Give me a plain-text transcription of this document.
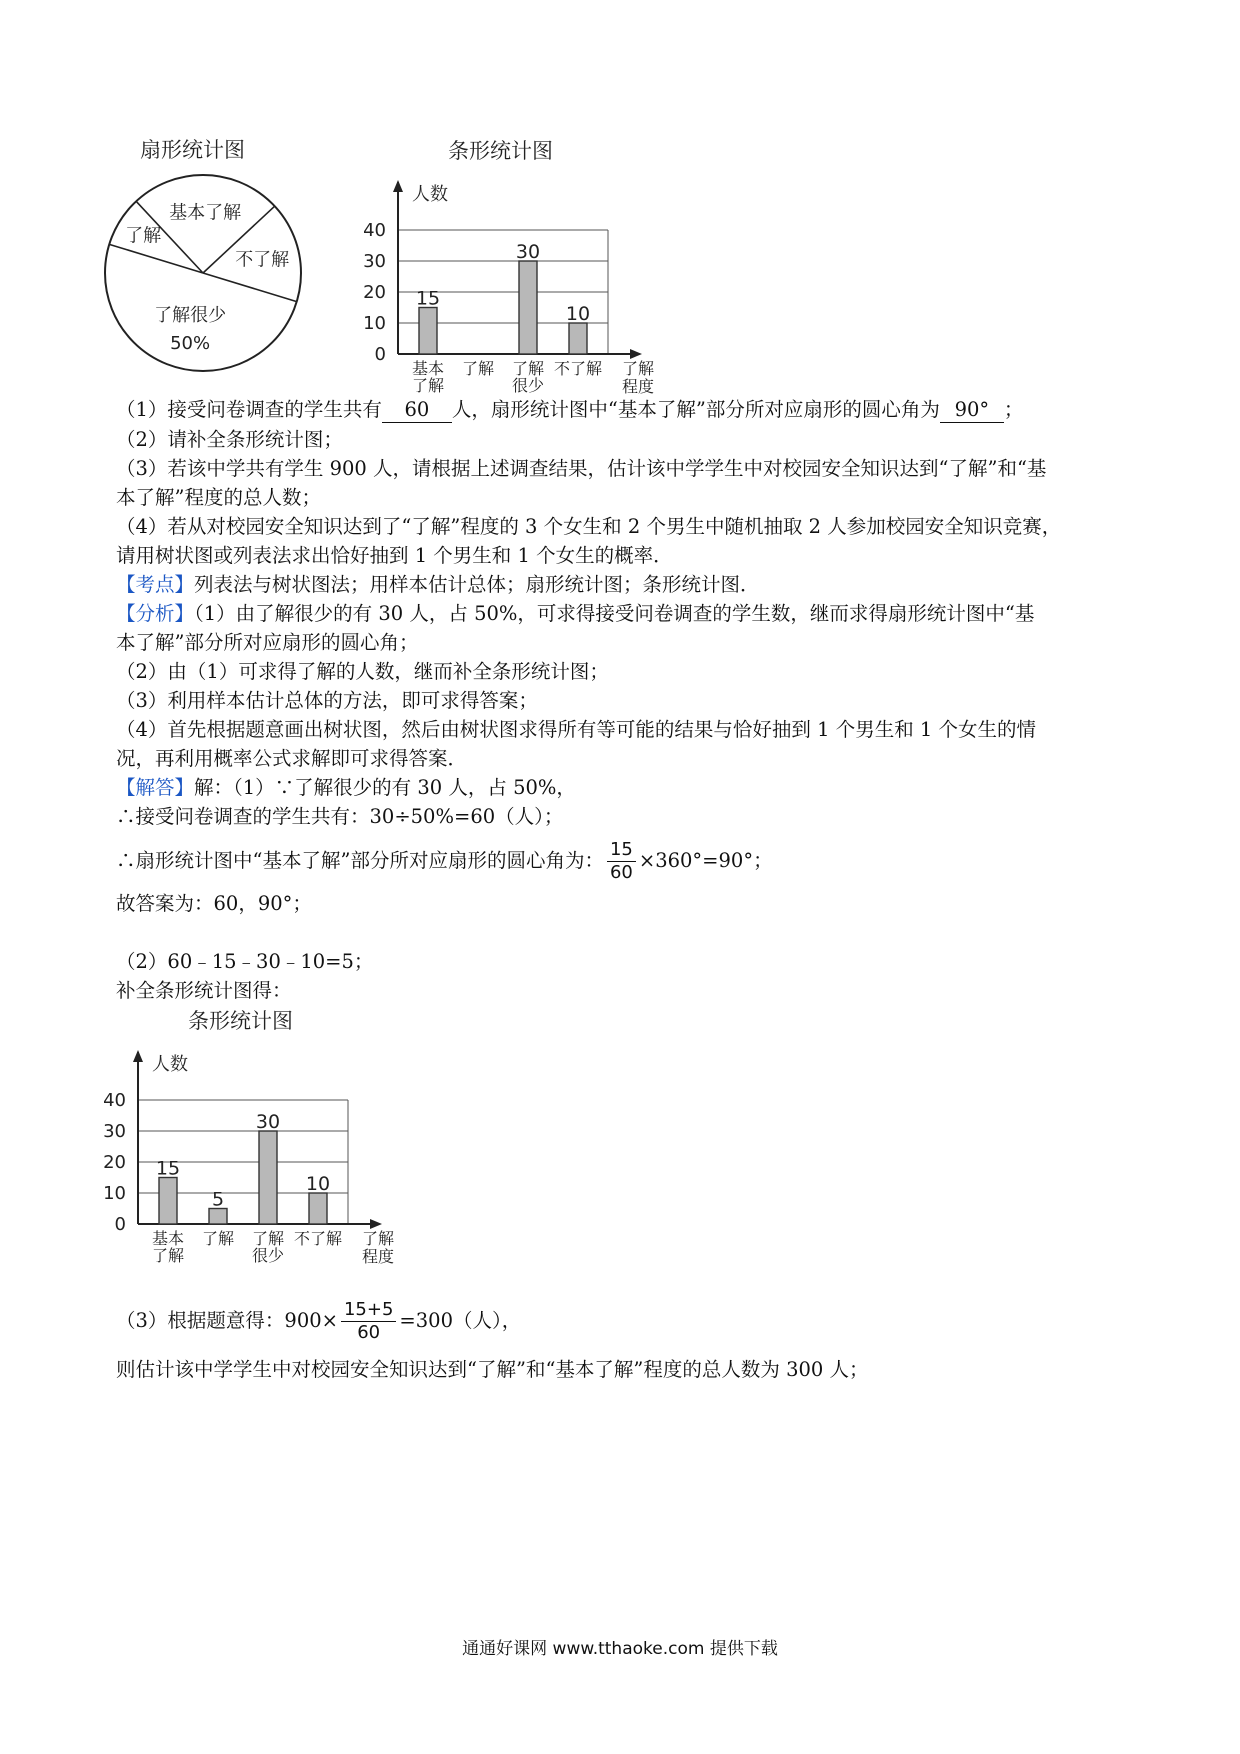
扇形统计图
了解很少
50%
了解
基本了解
不了解
条形统计图
0
10
20
30
40
人数
了解
程度
15
基本
了解
了解
30
了解
很少
10
不了解
（1）接受问卷调查的学生共有 60 人，扇形统计图中“基本了解”部分所对应扇形的圆心角为 90° ；
（2）请补全条形统计图；
（3）若该中学共有学生 900 人，请根据上述调查结果，估计该中学学生中对校园安全知识达到“了解”和“基
本了解”程度的总人数；
（4）若从对校园安全知识达到了“了解”程度的 3 个女生和 2 个男生中随机抽取 2 人参加校园安全知识竞赛，
请用树状图或列表法求出恰好抽到 1 个男生和 1 个女生的概率．
【考点】列表法与树状图法；用样本估计总体；扇形统计图；条形统计图．
【分析】（1）由了解很少的有 30 人，占 50%，可求得接受问卷调查的学生数，继而求得扇形统计图中“基
本了解”部分所对应扇形的圆心角；
（2）由（1）可求得了解的人数，继而补全条形统计图；
（3）利用样本估计总体的方法，即可求得答案；
（4）首先根据题意画出树状图，然后由树状图求得所有等可能的结果与恰好抽到 1 个男生和 1 个女生的情
况，再利用概率公式求解即可求得答案．
【解答】解：（1）∵了解很少的有 30 人，占 50%，
∴接受问卷调查的学生共有：30÷50%=60（人）；
∴扇形统计图中“基本了解”部分所对应扇形的圆心角为： $\frac{15}{60} \times 360^\circ=90^\circ$；
故答案为：60，90°；
（2）60﹣15﹣30﹣10=5；
补全条形统计图得：
条形统计图
0
10
20
30
40
人数
了解
程度
15
基本
了解
5
了解
30
了解
很少
10
不了解
（3）根据题意得：$900\times \frac{15+5}{60} =300$（人），
则估计该中学学生中对校园安全知识达到“了解”和“基本了解”程度的总人数为 300 人；
通通好课网 www.tthaoke.com 提供下载
